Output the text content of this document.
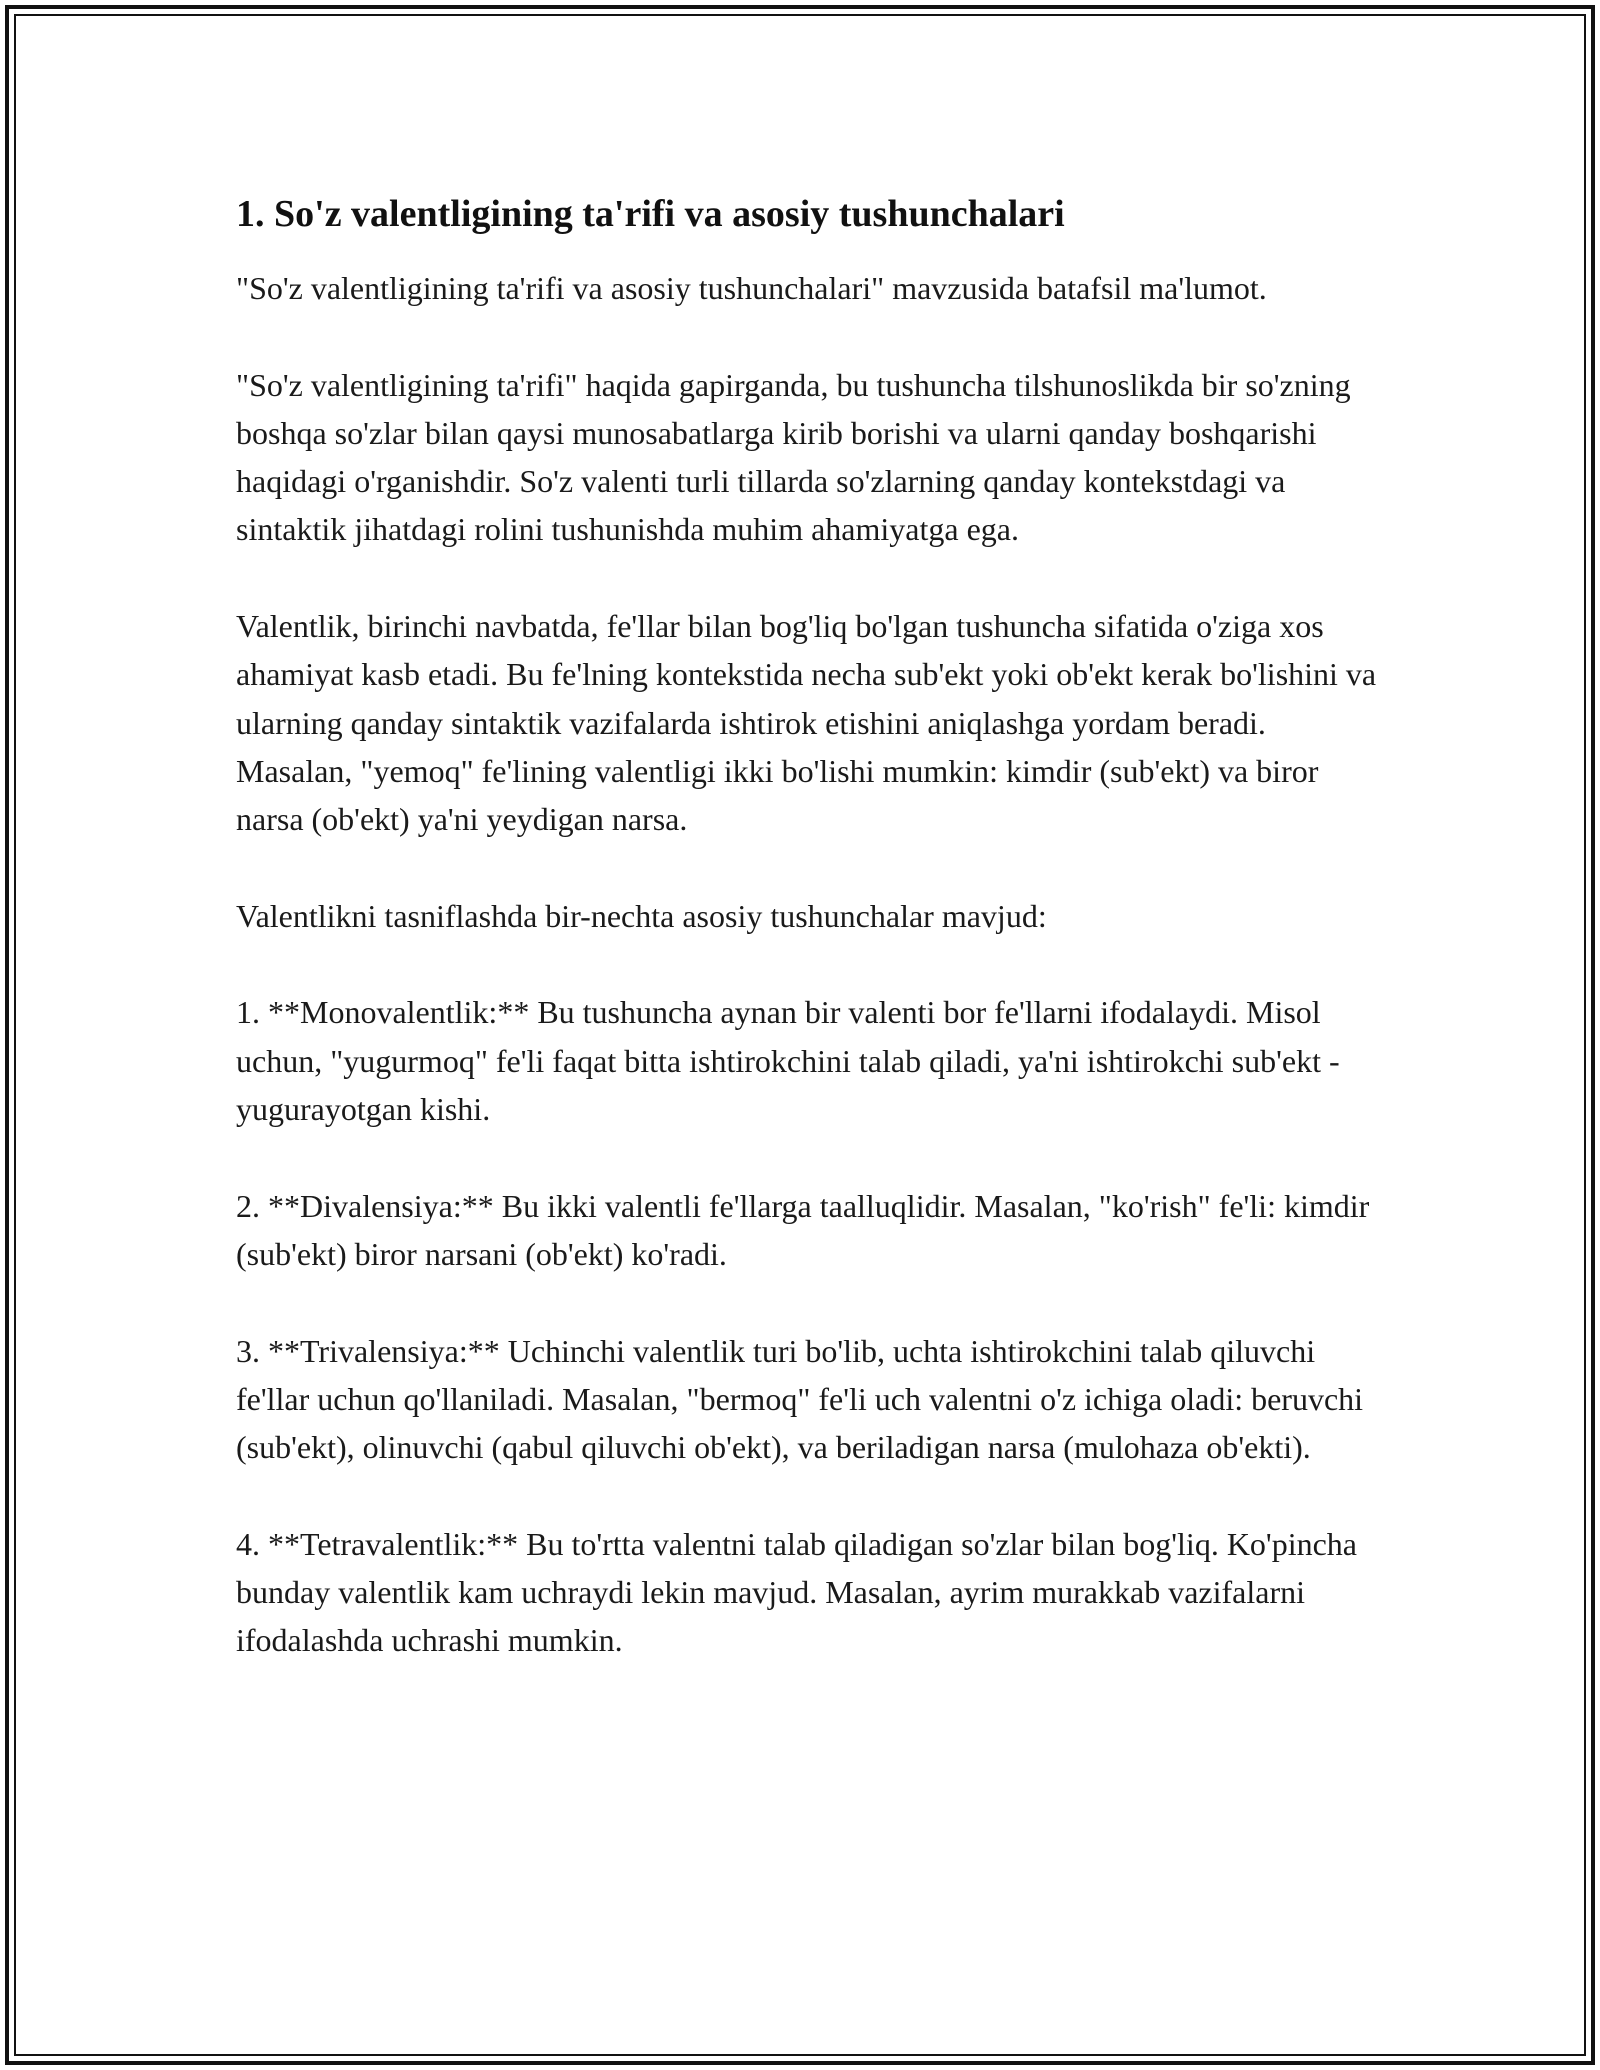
1. So'z valentligining ta'rifi va asosiy tushunchalari

"So'z valentligining ta'rifi va asosiy tushunchalari" mavzusida batafsil ma'lumot.

"So'z valentligining ta'rifi" haqida gapirganda, bu tushuncha tilshunoslikda bir so'zning boshqa so'zlar bilan qaysi munosabatlarga kirib borishi va ularni qanday boshqarishi haqidagi o'rganishdir. So'z valenti turli tillarda so'zlarning qanday kontekstdagi va sintaktik jihatdagi rolini tushunishda muhim ahamiyatga ega.

Valentlik, birinchi navbatda, fe'llar bilan bog'liq bo'lgan tushuncha sifatida o'ziga xos ahamiyat kasb etadi. Bu fe'lning kontekstida necha sub'ekt yoki ob'ekt kerak bo'lishini va ularning qanday sintaktik vazifalarda ishtirok etishini aniqlashga yordam beradi. Masalan, "yemoq" fe'lining valentligi ikki bo'lishi mumkin: kimdir (sub'ekt) va biror narsa (ob'ekt) ya'ni yeydigan narsa.

Valentlikni tasniflashda bir-nechta asosiy tushunchalar mavjud:

1. **Monovalentlik:** Bu tushuncha aynan bir valenti bor fe'llarni ifodalaydi. Misol uchun, "yugurmoq" fe'li faqat bitta ishtirokchini talab qiladi, ya'ni ishtirokchi sub'ekt - yugurayotgan kishi.

2. **Divalensiya:** Bu ikki valentli fe'llarga taalluqlidir. Masalan, "ko'rish" fe'li: kimdir (sub'ekt) biror narsani (ob'ekt) ko'radi.

3. **Trivalensiya:** Uchinchi valentlik turi bo'lib, uchta ishtirokchini talab qiluvchi fe'llar uchun qo'llaniladi. Masalan, "bermoq" fe'li uch valentni o'z ichiga oladi: beruvchi (sub'ekt), olinuvchi (qabul qiluvchi ob'ekt), va beriladigan narsa (mulohaza ob'ekti).

4. **Tetravalentlik:** Bu to'rtta valentni talab qiladigan so'zlar bilan bog'liq. Ko'pincha bunday valentlik kam uchraydi lekin mavjud. Masalan, ayrim murakkab vazifalarni ifodalashda uchrashi mumkin.
